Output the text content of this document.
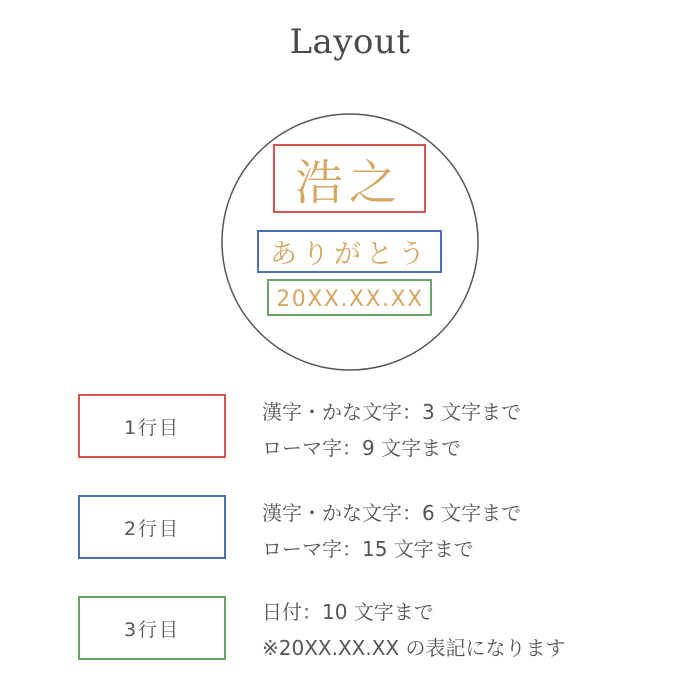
Layout
浩之
ありがとう
20XX.XX.XX
1行目
漢字・かな文字：3 文字まで
ローマ字：9 文字まで
2行目
漢字・かな文字：6 文字まで
ローマ字：15 文字まで
3行目
日付：10 文字まで
※20XX.XX.XX の表記になります
